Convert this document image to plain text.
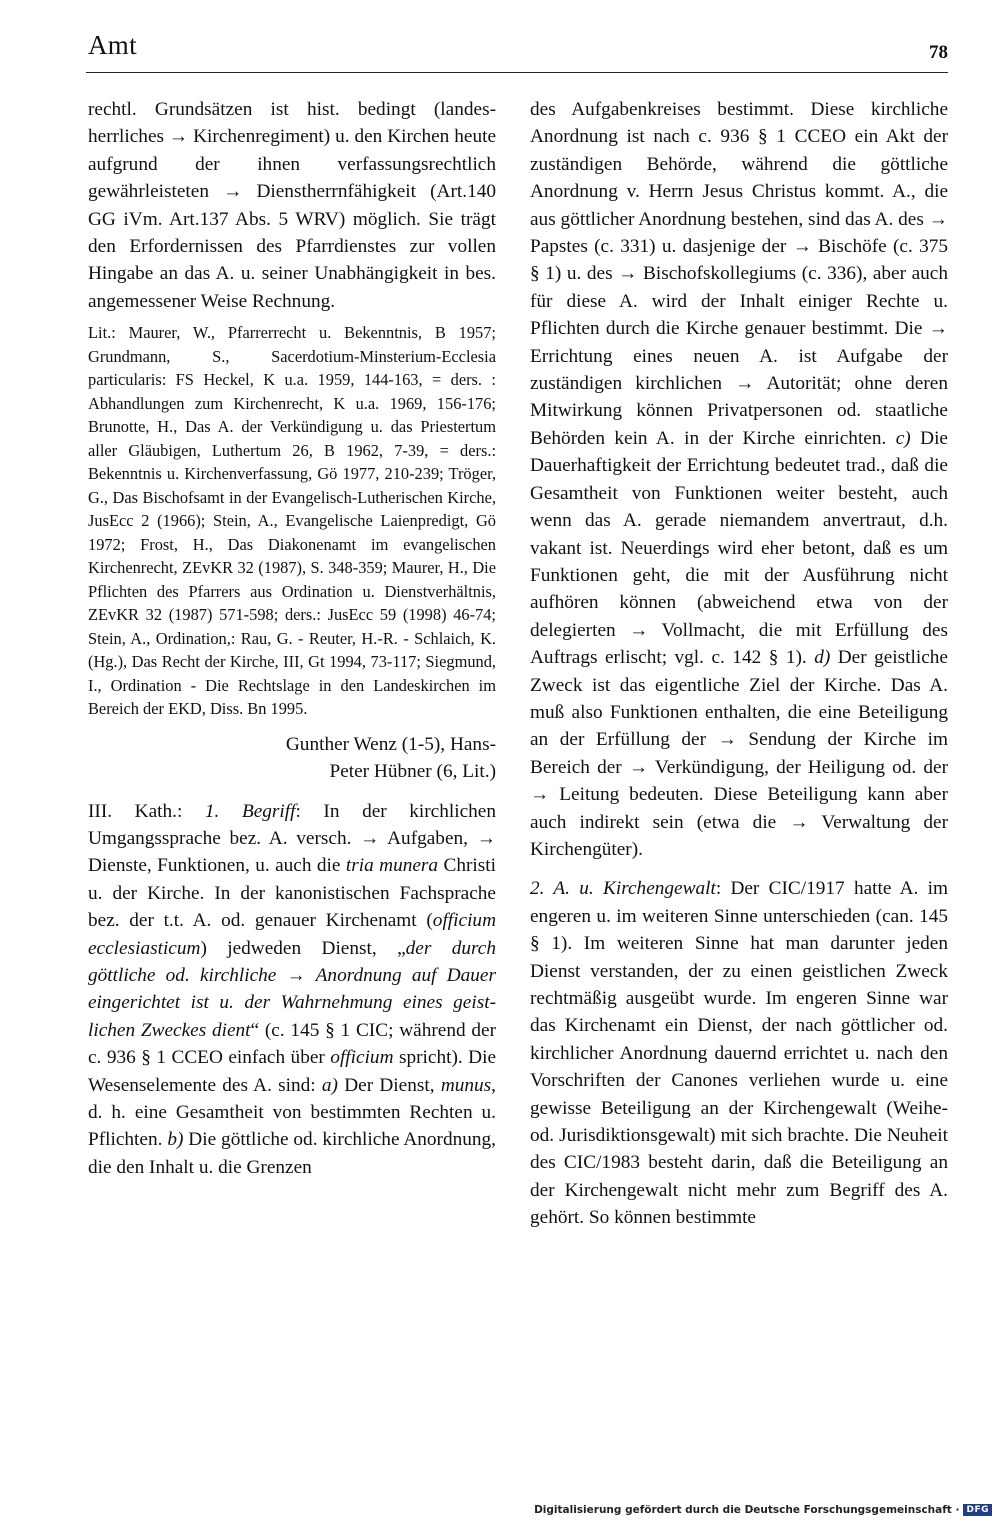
Amt	78

rechtl. Grundsätzen ist hist. bedingt (landesherrliches → Kirchenregiment) u. den Kirchen heute aufgrund der ihnen verfassungsrechtlich gewährleisteten → Dienstherrnfähigkeit (Art.140 GG iVm. Art.137 Abs. 5 WRV) möglich. Sie trägt den Erfordernissen des Pfarrdienstes zur vollen Hingabe an das A. u. seiner Unabhängigkeit in bes. angemessener Weise Rechnung.

Lit.: Maurer, W., Pfarrerrecht u. Bekenntnis, B 1957; Grundmann, S., Sacerdotium-Minsterium-Ecclesia particularis: FS Heckel, K u.a. 1959, 144-163, = ders. : Abhandlungen zum Kirchenrecht, K u.a. 1969, 156-176; Brunotte, H., Das A. der Verkündigung u. das Priestertum aller Gläubigen, Luthertum 26, B 1962, 7-39, = ders.: Bekenntnis u. Kirchenverfassung, Gö 1977, 210-239; Tröger, G., Das Bischofsamt in der Evangelisch-Lutherischen Kirche, JusEcc 2 (1966); Stein, A., Evangelische Laienpredigt, Gö 1972; Frost, H., Das Diakonenamt im evangelischen Kirchenrecht, ZEvKR 32 (1987), S. 348-359; Maurer, H., Die Pflichten des Pfarrers aus Ordination u. Dienstverhältnis, ZEvKR 32 (1987) 571-598; ders.: JusEcc 59 (1998) 46-74; Stein, A., Ordination,: Rau, G. - Reuter, H.-R. - Schlaich, K. (Hg.), Das Recht der Kirche, III, Gt 1994, 73-117; Siegmund, I., Ordination - Die Rechtslage in den Landeskirchen im Bereich der EKD, Diss. Bn 1995.

Gunther Wenz (1-5), Hans-
Peter Hübner (6, Lit.)

III. Kath.: 1. Begriff: In der kirchlichen Umgangssprache bez. A. versch. → Aufgaben, → Dienste, Funktionen, u. auch die tria munera Christi u. der Kirche. In der kanonistischen Fachsprache bez. der t.t. A. od. genauer Kirchenamt (officium ecclesiasticum) jedweden Dienst, „der durch göttliche od. kirchliche → Anordnung auf Dauer eingerichtet ist u. der Wahrnehmung eines geistlichen Zweckes dient“ (c. 145 § 1 CIC; während der c. 936 § 1 CCEO einfach über officium spricht). Die Wesenselemente des A. sind: a) Der Dienst, munus, d. h. eine Gesamtheit von bestimmten Rechten u. Pflichten. b) Die göttliche od. kirchliche Anordnung, die den Inhalt u. die Grenzen

des Aufgabenkreises bestimmt. Diese kirchliche Anordnung ist nach c. 936 § 1 CCEO ein Akt der zuständigen Behörde, während die göttliche Anordnung v. Herrn Jesus Christus kommt. A., die aus göttlicher Anordnung bestehen, sind das A. des → Papstes (c. 331) u. dasjenige der → Bischöfe (c. 375 § 1) u. des → Bischofskollegiums (c. 336), aber auch für diese A. wird der Inhalt einiger Rechte u. Pflichten durch die Kirche genauer bestimmt. Die → Errichtung eines neuen A. ist Aufgabe der zuständigen kirchlichen → Autorität; ohne deren Mitwirkung können Privatpersonen od. staatliche Behörden kein A. in der Kirche einrichten. c) Die Dauerhaftigkeit der Errichtung bedeutet trad., daß die Gesamtheit von Funktionen weiter besteht, auch wenn das A. gerade niemandem anvertraut, d.h. vakant ist. Neuerdings wird eher betont, daß es um Funktionen geht, die mit der Ausführung nicht aufhören können (abweichend etwa von der delegierten → Vollmacht, die mit Erfüllung des Auftrags erlischt; vgl. c. 142 § 1). d) Der geistliche Zweck ist das eigentliche Ziel der Kirche. Das A. muß also Funktionen enthalten, die eine Beteiligung an der Erfüllung der → Sendung der Kirche im Bereich der → Verkündigung, der Heiligung od. der → Leitung bedeuten. Diese Beteiligung kann aber auch indirekt sein (etwa die → Verwaltung der Kirchengüter).

2. A. u. Kirchengewalt: Der CIC/1917 hatte A. im engeren u. im weiteren Sinne unterschieden (can. 145 § 1). Im weiteren Sinne hat man darunter jeden Dienst verstanden, der zu einen geistlichen Zweck rechtmäßig ausgeübt wurde. Im engeren Sinne war das Kirchenamt ein Dienst, der nach göttlicher od. kirchlicher Anordnung dauernd errichtet u. nach den Vorschriften der Canones verliehen wurde u. eine gewisse Beteiligung an der Kirchengewalt (Weihe- od. Jurisdiktionsgewalt) mit sich brachte. Die Neuheit des CIC/1983 besteht darin, daß die Beteiligung an der Kirchengewalt nicht mehr zum Begriff des A. gehört. So können bestimmte

Digitalisierung gefördert durch die Deutsche Forschungsgemeinschaft · DFG
